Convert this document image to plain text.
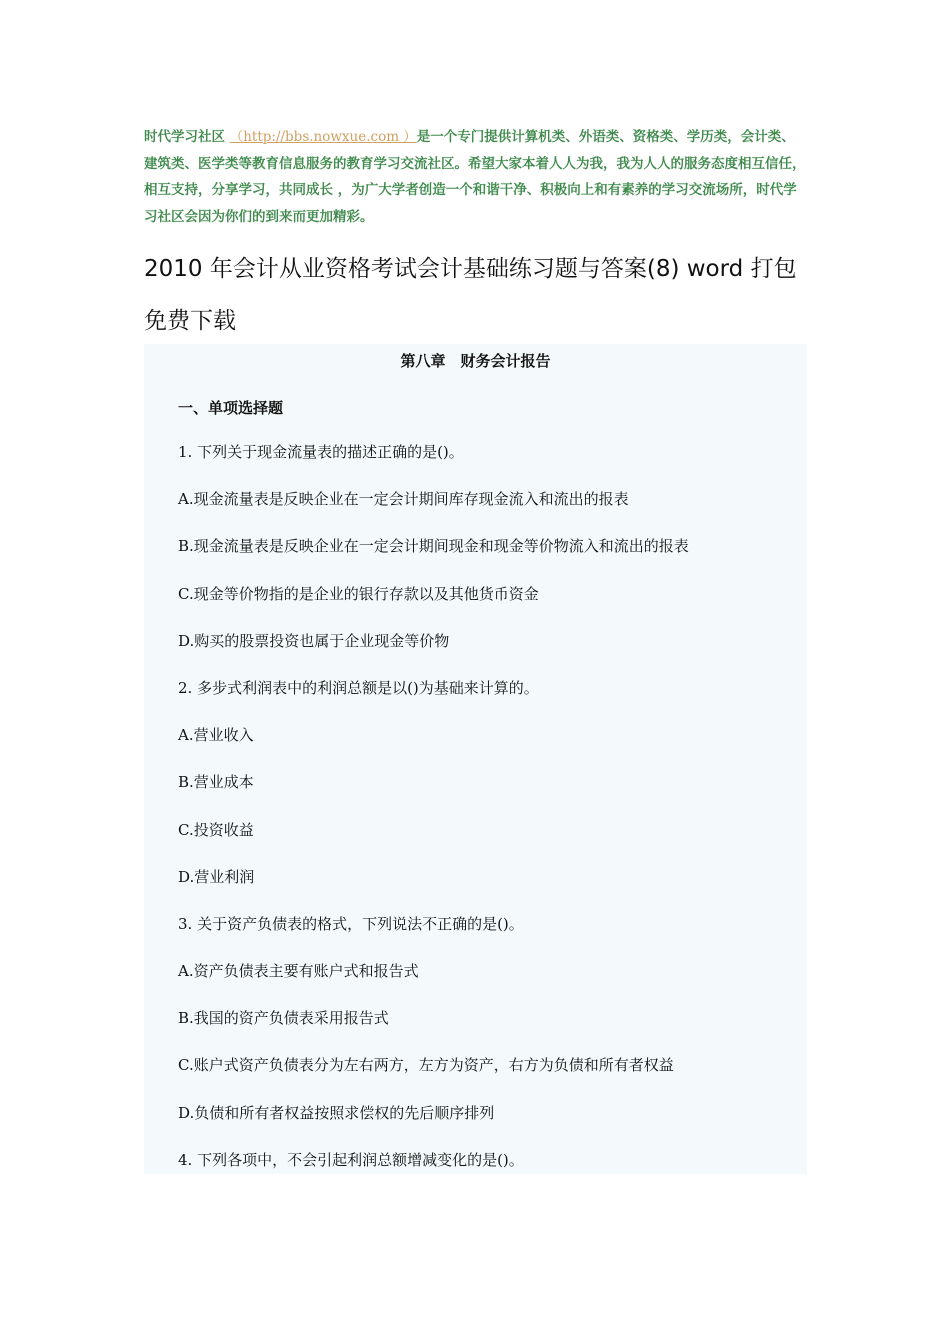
时代学习社区 （http://bbs.nowxue.com ）是一个专门提供计算机类、外语类、资格类、学历类，会计类、建筑类、医学类等教育信息服务的教育学习交流社区。希望大家本着人人为我，我为人人的服务态度相互信任，相互支持，分享学习，共同成长 ，为广大学者创造一个和谐干净、积极向上和有素养的学习交流场所，时代学习社区会因为你们的到来而更加精彩。
2010 年会计从业资格考试会计基础练习题与答案(8) word 打包免费下载
第八章　财务会计报告
一、单项选择题
1. 下列关于现金流量表的描述正确的是()。
A.现金流量表是反映企业在一定会计期间库存现金流入和流出的报表
B.现金流量表是反映企业在一定会计期间现金和现金等价物流入和流出的报表
C.现金等价物指的是企业的银行存款以及其他货币资金
D.购买的股票投资也属于企业现金等价物
2. 多步式利润表中的利润总额是以()为基础来计算的。
A.营业收入
B.营业成本
C.投资收益
D.营业利润
3. 关于资产负债表的格式，下列说法不正确的是()。
A.资产负债表主要有账户式和报告式
B.我国的资产负债表采用报告式
C.账户式资产负债表分为左右两方，左方为资产，右方为负债和所有者权益
D.负债和所有者权益按照求偿权的先后顺序排列
4. 下列各项中，不会引起利润总额增减变化的是()。
